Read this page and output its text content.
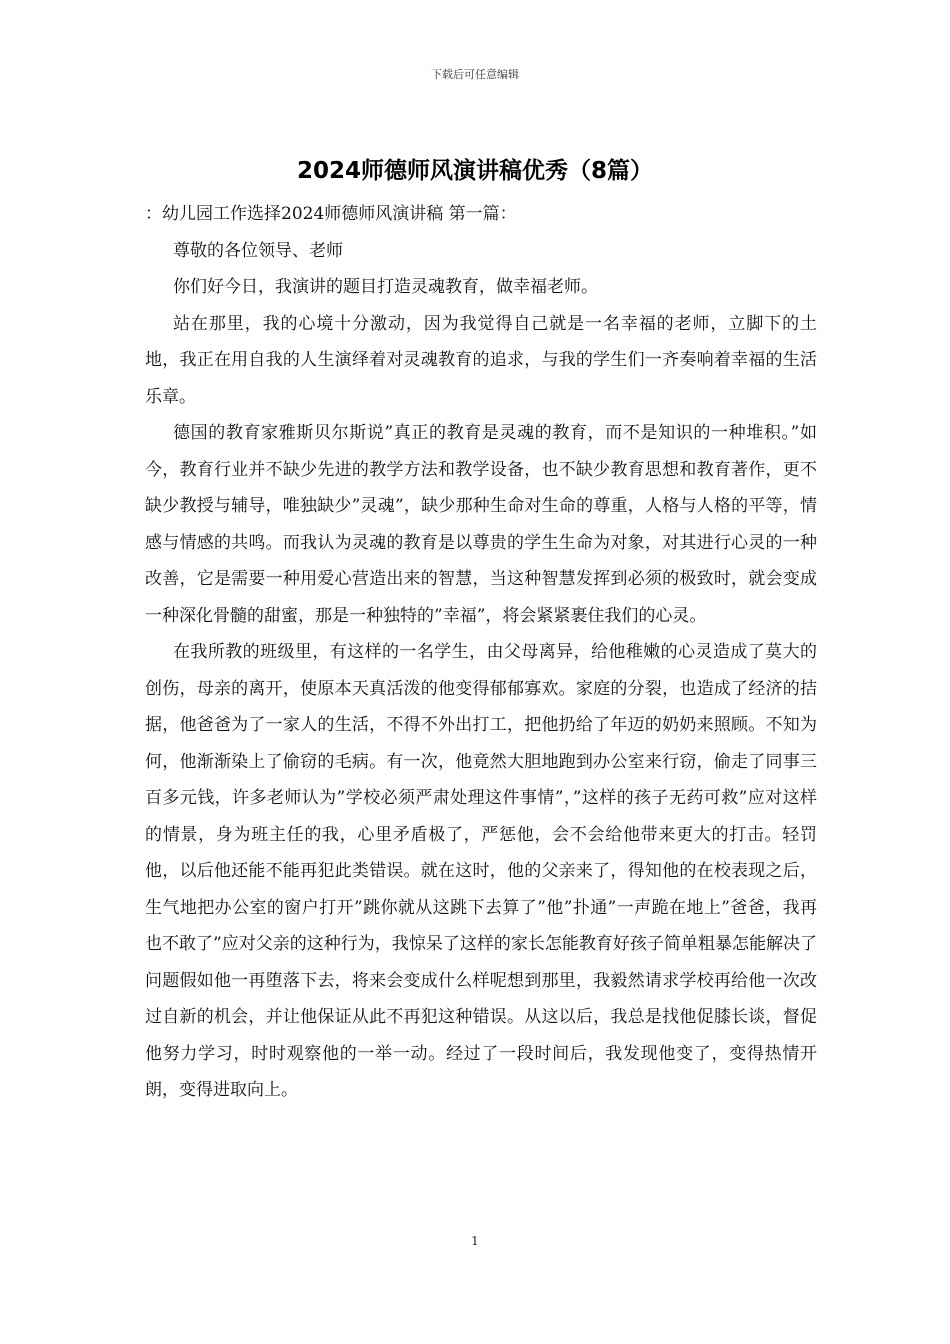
下载后可任意编辑
2024师德师风演讲稿优秀（8篇）

：幼儿园工作选择2024师德师风演讲稿 第一篇：

尊敬的各位领导、老师

你们好今日，我演讲的题目打造灵魂教育，做幸福老师。

站在那里，我的心境十分激动，因为我觉得自己就是一名幸福的老师，立脚下的土地，我正在用自我的人生演绎着对灵魂教育的追求，与我的学生们一齐奏响着幸福的生活乐章。

德国的教育家雅斯贝尔斯说”真正的教育是灵魂的教育，而不是知识的一种堆积。”如今，教育行业并不缺少先进的教学方法和教学设备，也不缺少教育思想和教育著作，更不缺少教授与辅导，唯独缺少”灵魂”，缺少那种生命对生命的尊重，人格与人格的平等，情感与情感的共鸣。而我认为灵魂的教育是以尊贵的学生生命为对象，对其进行心灵的一种改善，它是需要一种用爱心营造出来的智慧，当这种智慧发挥到必须的极致时，就会变成一种深化骨髓的甜蜜，那是一种独特的”幸福”，将会紧紧裹住我们的心灵。

在我所教的班级里，有这样的一名学生，由父母离异，给他稚嫩的心灵造成了莫大的创伤，母亲的离开，使原本天真活泼的他变得郁郁寡欢。家庭的分裂，也造成了经济的拮据，他爸爸为了一家人的生活，不得不外出打工，把他扔给了年迈的奶奶来照顾。不知为何，他渐渐染上了偷窃的毛病。有一次，他竟然大胆地跑到办公室来行窃，偷走了同事三百多元钱，许多老师认为”学校必须严肃处理这件事情”，”这样的孩子无药可救”应对这样的情景，身为班主任的我，心里矛盾极了，严惩他，会不会给他带来更大的打击。轻罚他，以后他还能不能再犯此类错误。就在这时，他的父亲来了，得知他的在校表现之后，生气地把办公室的窗户打开”跳你就从这跳下去算了”他”扑通”一声跪在地上”爸爸，我再也不敢了”应对父亲的这种行为，我惊呆了这样的家长怎能教育好孩子简单粗暴怎能解决了问题假如他一再堕落下去，将来会变成什么样呢想到那里，我毅然请求学校再给他一次改过自新的机会，并让他保证从此不再犯这种错误。从这以后，我总是找他促膝长谈，督促他努力学习，时时观察他的一举一动。经过了一段时间后，我发现他变了，变得热情开朗，变得进取向上。

1
